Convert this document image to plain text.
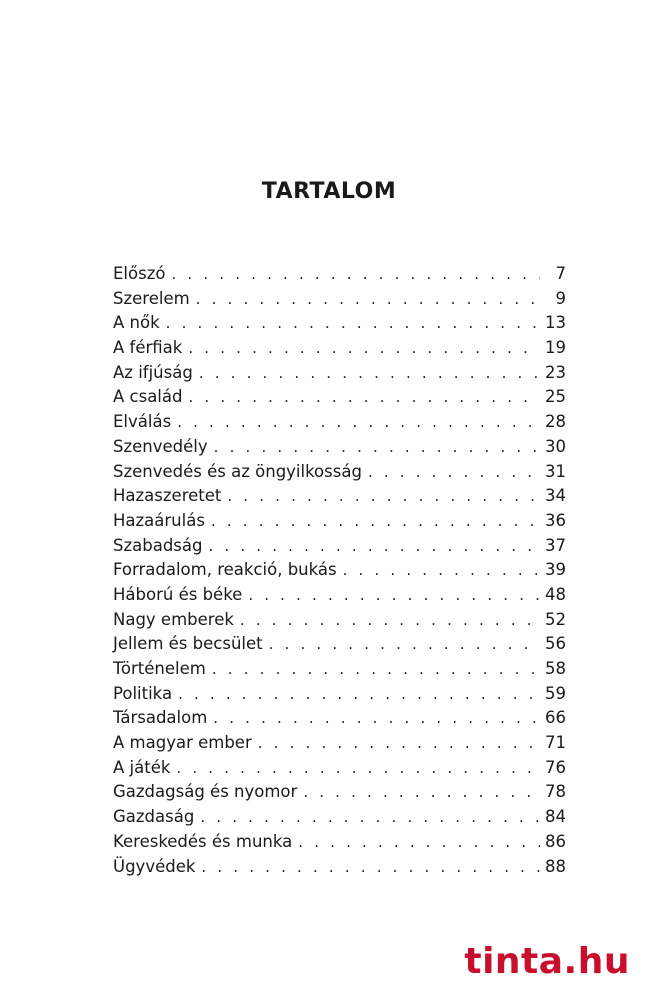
TARTALOM
Előszó . . .	7
Szerelem . . .	9
A nők . . .	13
A férfiak . . .	19
Az ifjúság . . .	23
A család . . .	25
Elválás . . .	28
Szenvedély . . .	30
Szenvedés és az öngyilkosság . . .	31
Hazaszeretet . . .	34
Hazaárulás . . .	36
Szabadság . . .	37
Forradalom, reakció, bukás . . .	39
Háború és béke . . .	48
Nagy emberek . . .	52
Jellem és becsület . . .	56
Történelem . . .	58
Politika . . .	59
Társadalom . . .	66
A magyar ember . . .	71
A játék . . .	76
Gazdagság és nyomor . . .	78
Gazdaság . . .	84
Kereskedés és munka . . .	86
Ügyvédek . . .	88
tinta.hu
